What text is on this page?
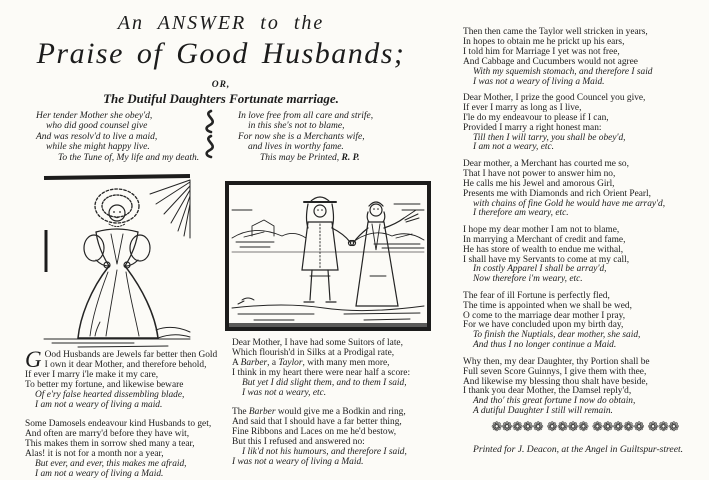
An ANSWER to the
Praise of Good Husbands;
OR,
The Dutiful Daughters Fortunate marriage.
Her tender Mother she obey'd,
who did good counsel give
And was resolv'd to live a maid,
while she might happy live.
To the Tune of, My life and my death.
In love free from all care and strife,
in this she's not to blame,
For now she is a Merchants wife,
and lives in worthy fame.
This may be Printed, R. P.
G Ood Husbands are Jewels far better then Gold
I own it dear Mother, and therefore behold,
If ever I marry i'le make it my care,
To better my fortune, and likewise beware
Of e'ry false hearted dissembling blade,
I am not a weary of living a maid.
Some Damosels endeavour kind Husbands to get,
And often are marry'd before they have wit,
This makes them in sorrow shed many a tear,
Alas! it is not for a month nor a year,
But ever, and ever, this makes me afraid,
I am not a weary of living a Maid.
Dear Mother, I have had some Suitors of late,
Which flourish'd in Silks at a Prodigal rate,
A Barber, a Taylor, with many men more,
I think in my heart there were near half a score:
But yet I did slight them, and to them I said,
I was not a weary, etc.
The Barber would give me a Bodkin and ring,
And said that I should have a far better thing,
Fine Ribbons and Laces on me he'd bestow,
But this I refused and answered no:
I lik'd not his humours, and therefore I said,
I was not a weary of living a Maid.
Then then came the Taylor well stricken in years,
In hopes to obtain me he prickt up his ears,
I told him for Marriage I yet was not free,
And Cabbage and Cucumbers would not agree
With my squemish stomach, and therefore I said
I was not a weary of living a Maid.
Dear Mother, I prize the good Councel you give,
If ever I marry as long as I live,
I'le do my endeavour to please if I can,
Provided I marry a right honest man:
Till then I will tarry, you shall be obey'd,
I am not a weary, etc.
Dear mother, a Merchant has courted me so,
That I have not power to answer him no,
He calls me his Jewel and amorous Girl,
Presents me with Diamonds and rich Orient Pearl,
with chains of fine Gold he would have me array'd,
I therefore am weary, etc.
I hope my dear mother I am not to blame,
In marrying a Merchant of credit and fame,
He has store of wealth to endue me withal,
I shall have my Servants to come at my call,
In costly Apparel I shall be array'd,
Now therefore i'm weary, etc.
The fear of ill Fortune is perfectly fled,
The time is appointed when we shall be wed,
O come to the marriage dear mother I pray,
For we have concluded upon my birth day,
To finish the Nuptials, dear mother, she said,
And thus I no longer continue a Maid.
Why then, my dear Daughter, thy Portion shall be
Full seven Score Guinnys, I give them with thee,
And likewise my blessing thou shalt have beside,
I thank you dear Mother, the Damsel reply'd,
And tho' this great fortune I now do obtain,
A dutiful Daughter I still will remain.
❁❁❁❁❁ ❁❁❁❁ ❁❁❁❁❁ ❁❁❁
Printed for J. Deacon, at the Angel in Guiltspur-street.
